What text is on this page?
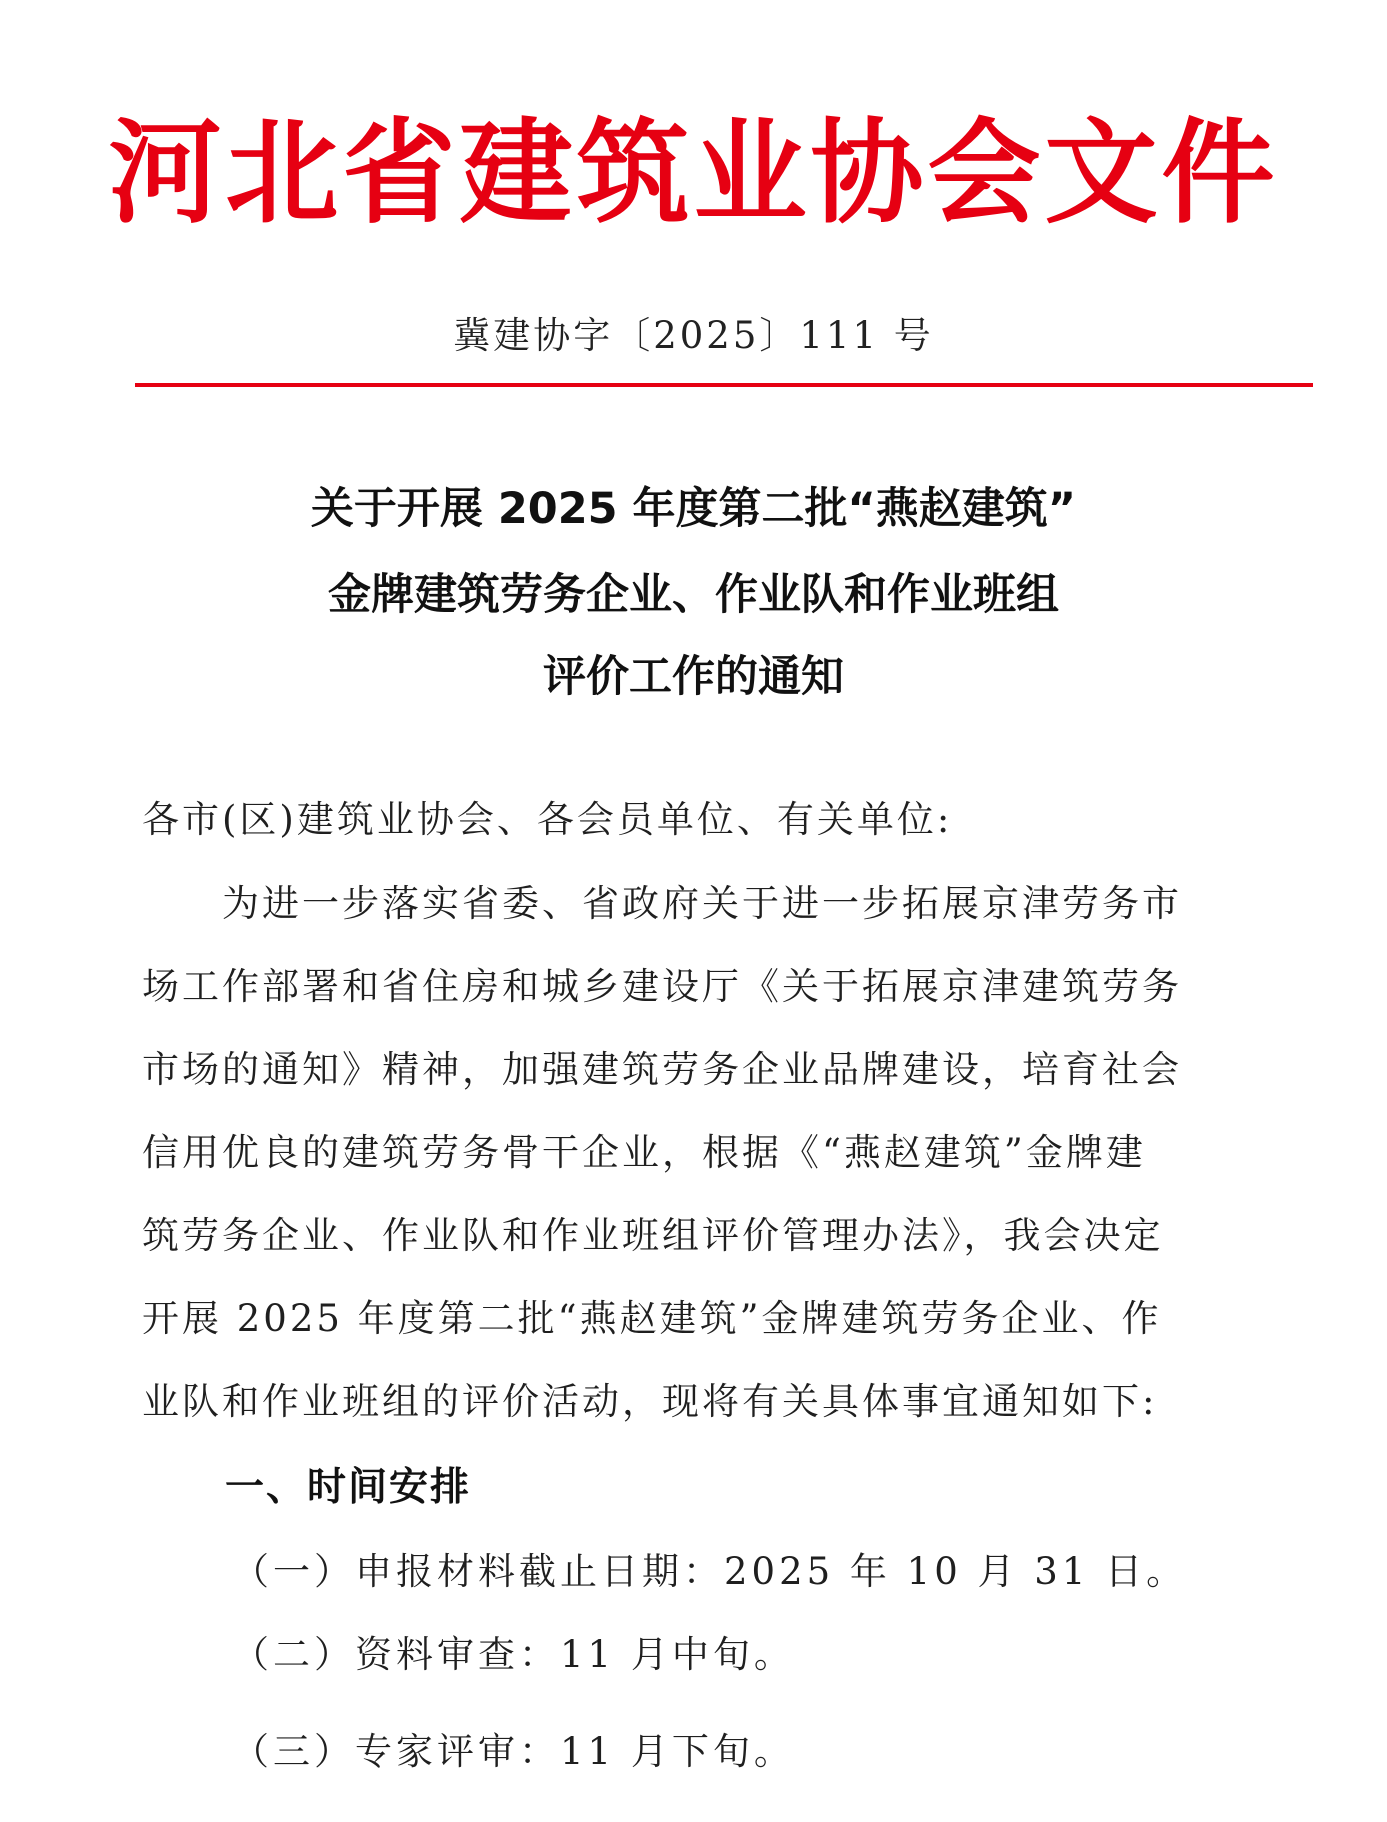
河北省建筑业协会文件
冀建协字〔2025〕111 号
关于开展 2025 年度第二批“燕赵建筑”
金牌建筑劳务企业、作业队和作业班组
评价工作的通知
各市(区)建筑业协会、各会员单位、有关单位:
　　为进一步落实省委、省政府关于进一步拓展京津劳务市
场工作部署和省住房和城乡建设厅《关于拓展京津建筑劳务
市场的通知》精神，加强建筑劳务企业品牌建设，培育社会
信用优良的建筑劳务骨干企业，根据《“燕赵建筑”金牌建
筑劳务企业、作业队和作业班组评价管理办法》，我会决定
开展 2025 年度第二批“燕赵建筑”金牌建筑劳务企业、作
业队和作业班组的评价活动，现将有关具体事宜通知如下:
一、时间安排
（一）申报材料截止日期：2025 年 10 月 31 日。
（二）资料审查：11 月中旬。
（三）专家评审：11 月下旬。
